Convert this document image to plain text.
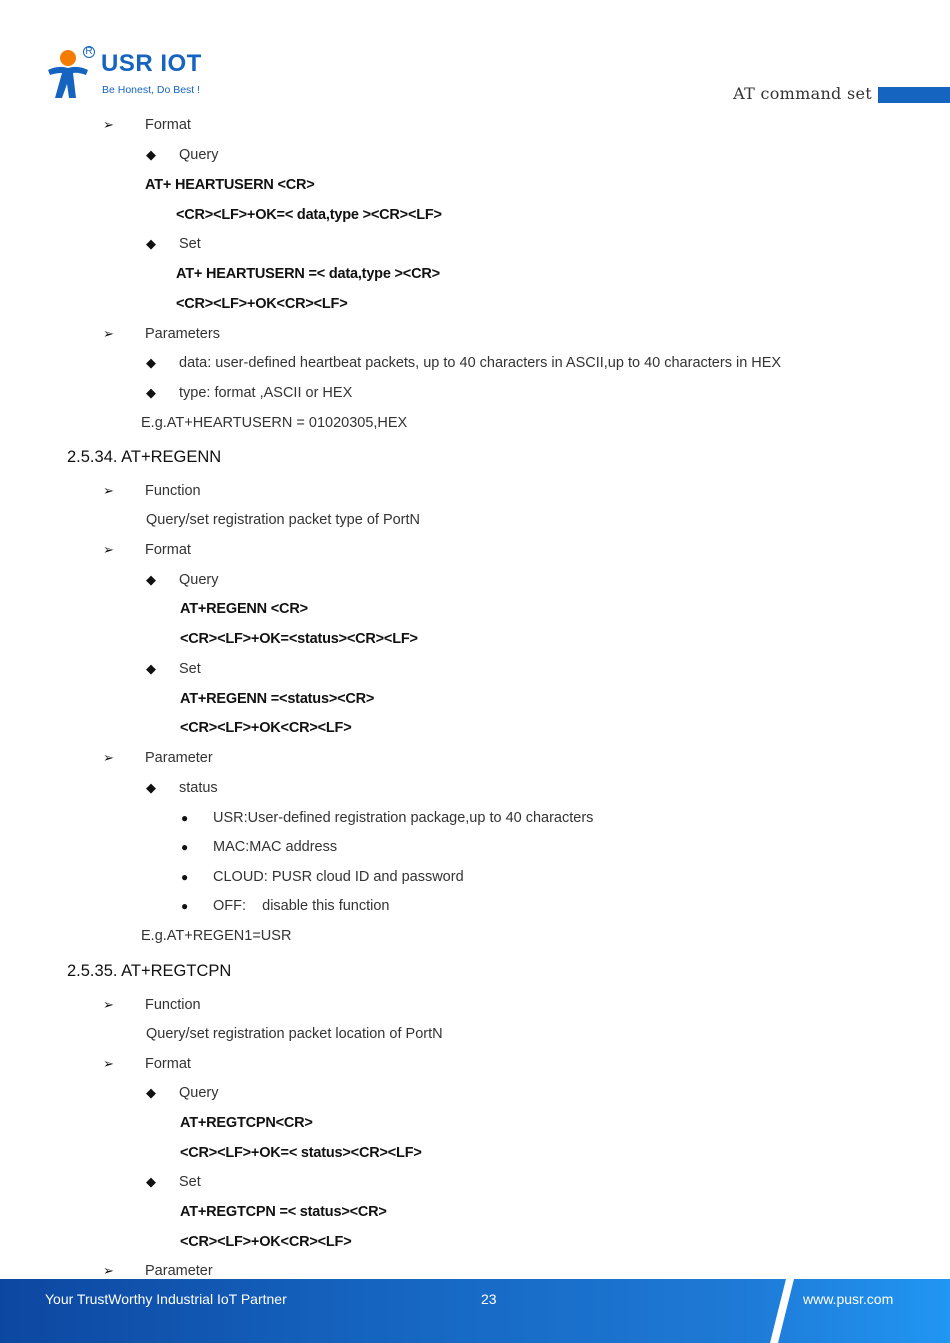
R USR IOT
Be Honest, Do Best !	AT command set
➢ Format
◆ Query
AT+ HEARTUSERN <CR>
<CR><LF>+OK=< data,type ><CR><LF>
◆ Set
AT+ HEARTUSERN =< data,type ><CR>
<CR><LF>+OK<CR><LF>
➢ Parameters
◆ data: user-defined heartbeat packets, up to 40 characters in ASCII,up to 40 characters in HEX
◆ type: format ,ASCII or HEX
E.g.AT+HEARTUSERN = 01020305,HEX
2.5.34. AT+REGENN
➢ Function
Query/set registration packet type of PortN
➢ Format
◆ Query
AT+REGENN <CR>
<CR><LF>+OK=<status><CR><LF>
◆ Set
AT+REGENN =<status><CR>
<CR><LF>+OK<CR><LF>
➢ Parameter
◆ status
● USR:User-defined registration package,up to 40 characters
● MAC:MAC address
● CLOUD: PUSR cloud ID and password
● OFF:    disable this function
E.g.AT+REGEN1=USR
2.5.35. AT+REGTCPN
➢ Function
Query/set registration packet location of PortN
➢ Format
◆ Query
AT+REGTCPN<CR>
<CR><LF>+OK=< status><CR><LF>
◆ Set
AT+REGTCPN =< status><CR>
<CR><LF>+OK<CR><LF>
➢ Parameter
Your TrustWorthy Industrial IoT Partner	23	www.pusr.com
